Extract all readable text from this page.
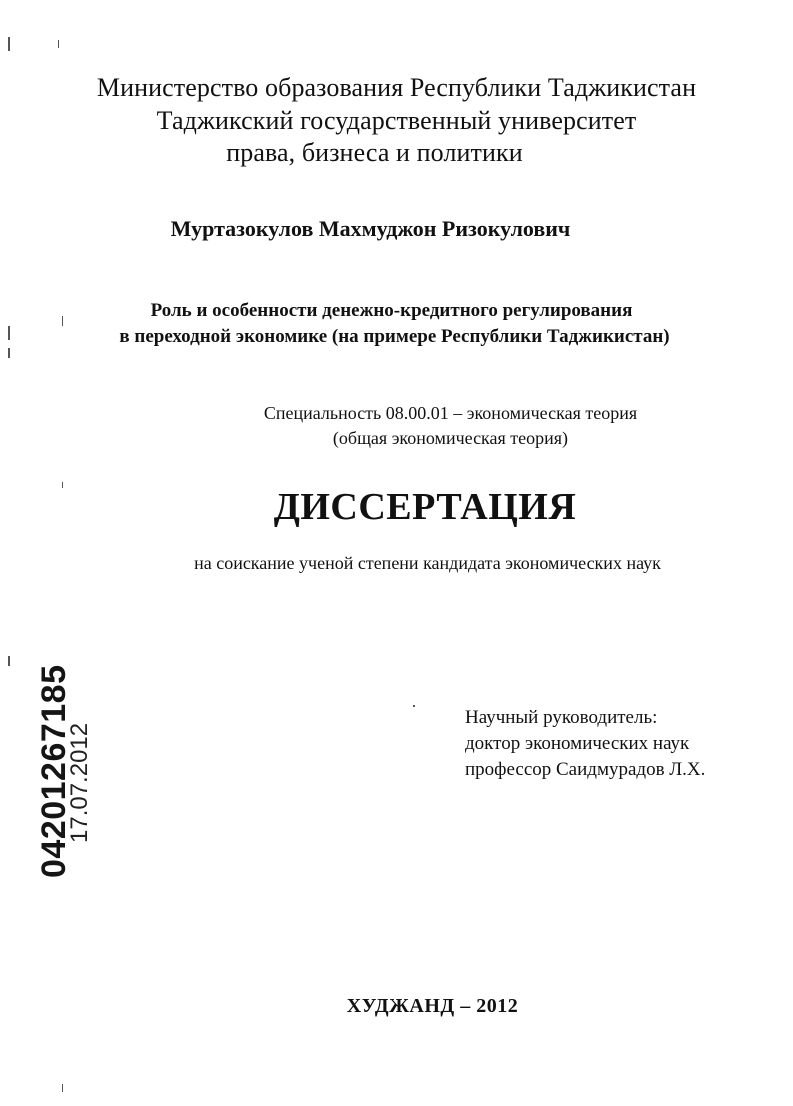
Министерство образования Республики Таджикистан
Таджикский государственный университет
права, бизнеса и политики
Муртазокулов Махмуджон Ризокулович
Роль и особенности денежно-кредитного регулирования
в переходной экономике (на примере Республики Таджикистан)
Специальность 08.00.01 – экономическая теория
(общая экономическая теория)
ДИССЕРТАЦИЯ
на соискание ученой степени кандидата экономических наук
Научный руководитель:
доктор экономических наук
профессор Саидмурадов Л.Х.
ХУДЖАНД – 2012
04201267185
17.07.2012
